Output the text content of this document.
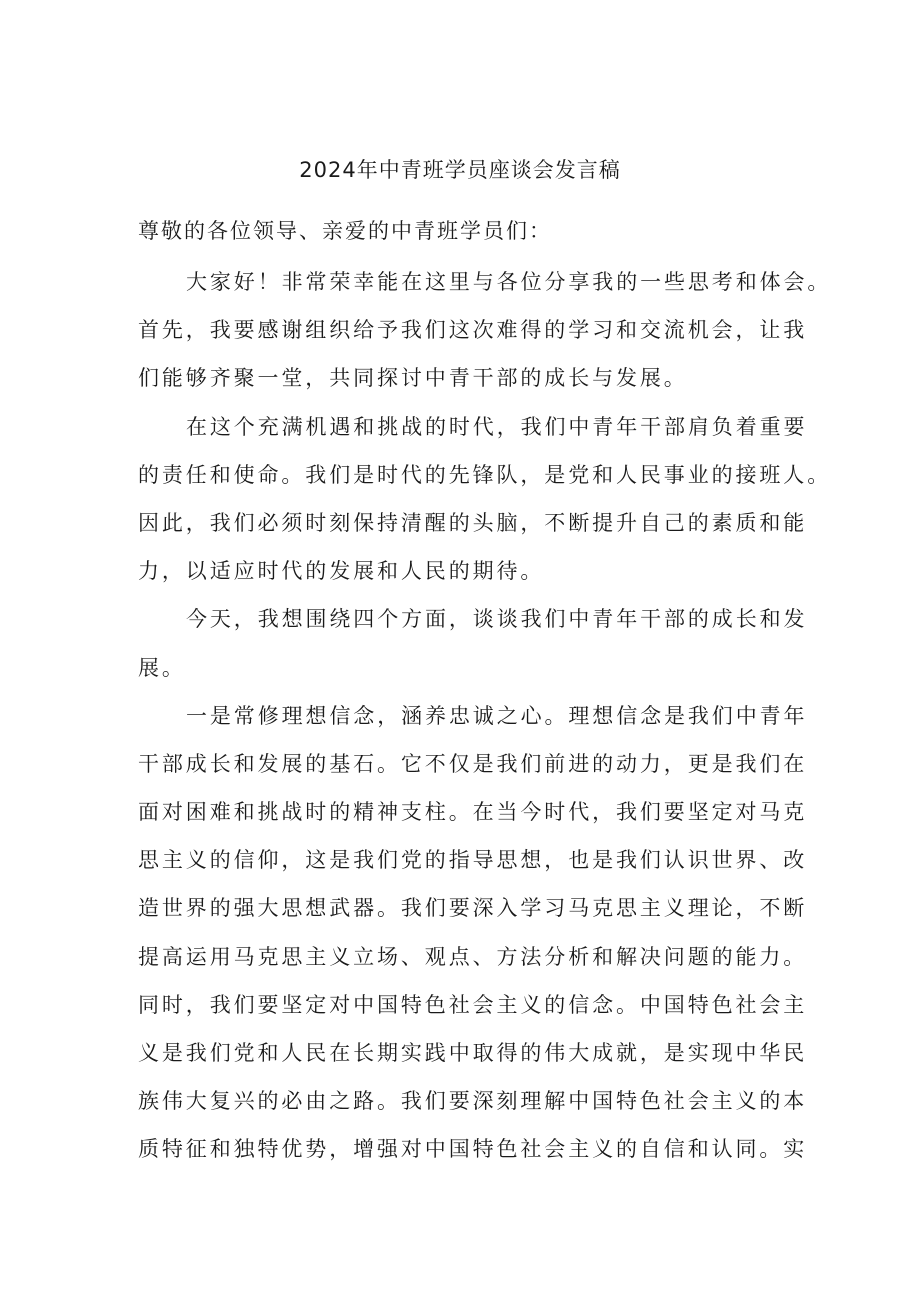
2024年中青班学员座谈会发言稿
尊敬的各位领导、亲爱的中青班学员们：
大家好！非常荣幸能在这里与各位分享我的一些思考和体会。
首先，我要感谢组织给予我们这次难得的学习和交流机会，让我
们能够齐聚一堂，共同探讨中青干部的成长与发展。
在这个充满机遇和挑战的时代，我们中青年干部肩负着重要
的责任和使命。我们是时代的先锋队，是党和人民事业的接班人。
因此，我们必须时刻保持清醒的头脑，不断提升自己的素质和能
力，以适应时代的发展和人民的期待。
今天，我想围绕四个方面，谈谈我们中青年干部的成长和发
展。
一是常修理想信念，涵养忠诚之心。理想信念是我们中青年
干部成长和发展的基石。它不仅是我们前进的动力，更是我们在
面对困难和挑战时的精神支柱。在当今时代，我们要坚定对马克
思主义的信仰，这是我们党的指导思想，也是我们认识世界、改
造世界的强大思想武器。我们要深入学习马克思主义理论，不断
提高运用马克思主义立场、观点、方法分析和解决问题的能力。
同时，我们要坚定对中国特色社会主义的信念。中国特色社会主
义是我们党和人民在长期实践中取得的伟大成就，是实现中华民
族伟大复兴的必由之路。我们要深刻理解中国特色社会主义的本
质特征和独特优势，增强对中国特色社会主义的自信和认同。实
